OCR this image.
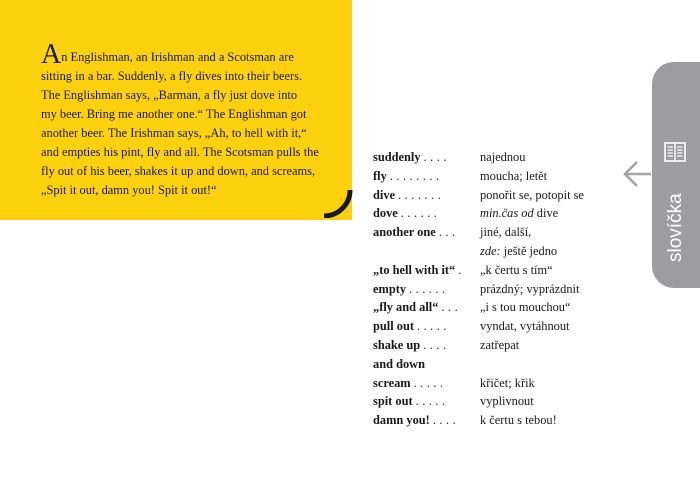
An Englishman, an Irishman and a Scotsman are
sitting in a bar. Suddenly, a fly dives into their beers.
The Englishman says, „Barman, a fly just dove into
my beer. Bring me another one.“ The Englishman got
another beer. The Irishman says, „Ah, to hell with it,“
and empties his pint, fly and all. The Scotsman pulls the
fly out of his beer, shakes it up and down, and screams,
„Spit it out, damn you! Spit it out!“
suddenly .... najednou
fly ........	moucha; letět
dive .......	ponořit se, potopit se
dove ......	min.čas od dive
another one ... jiné, další,
zde: ještě jedno
„to hell with it“ . „k čertu s tím“
empty ......	prázdný; vyprázdnit
„fly and all“ ... „i s tou mouchou“
pull out ..... vyndat, vytáhnout
shake up .... zatřepat
and down
scream .....	křičet; křik
spit out .....	vyplivnout
damn you! .... k čertu s tebou!
slovíčka
